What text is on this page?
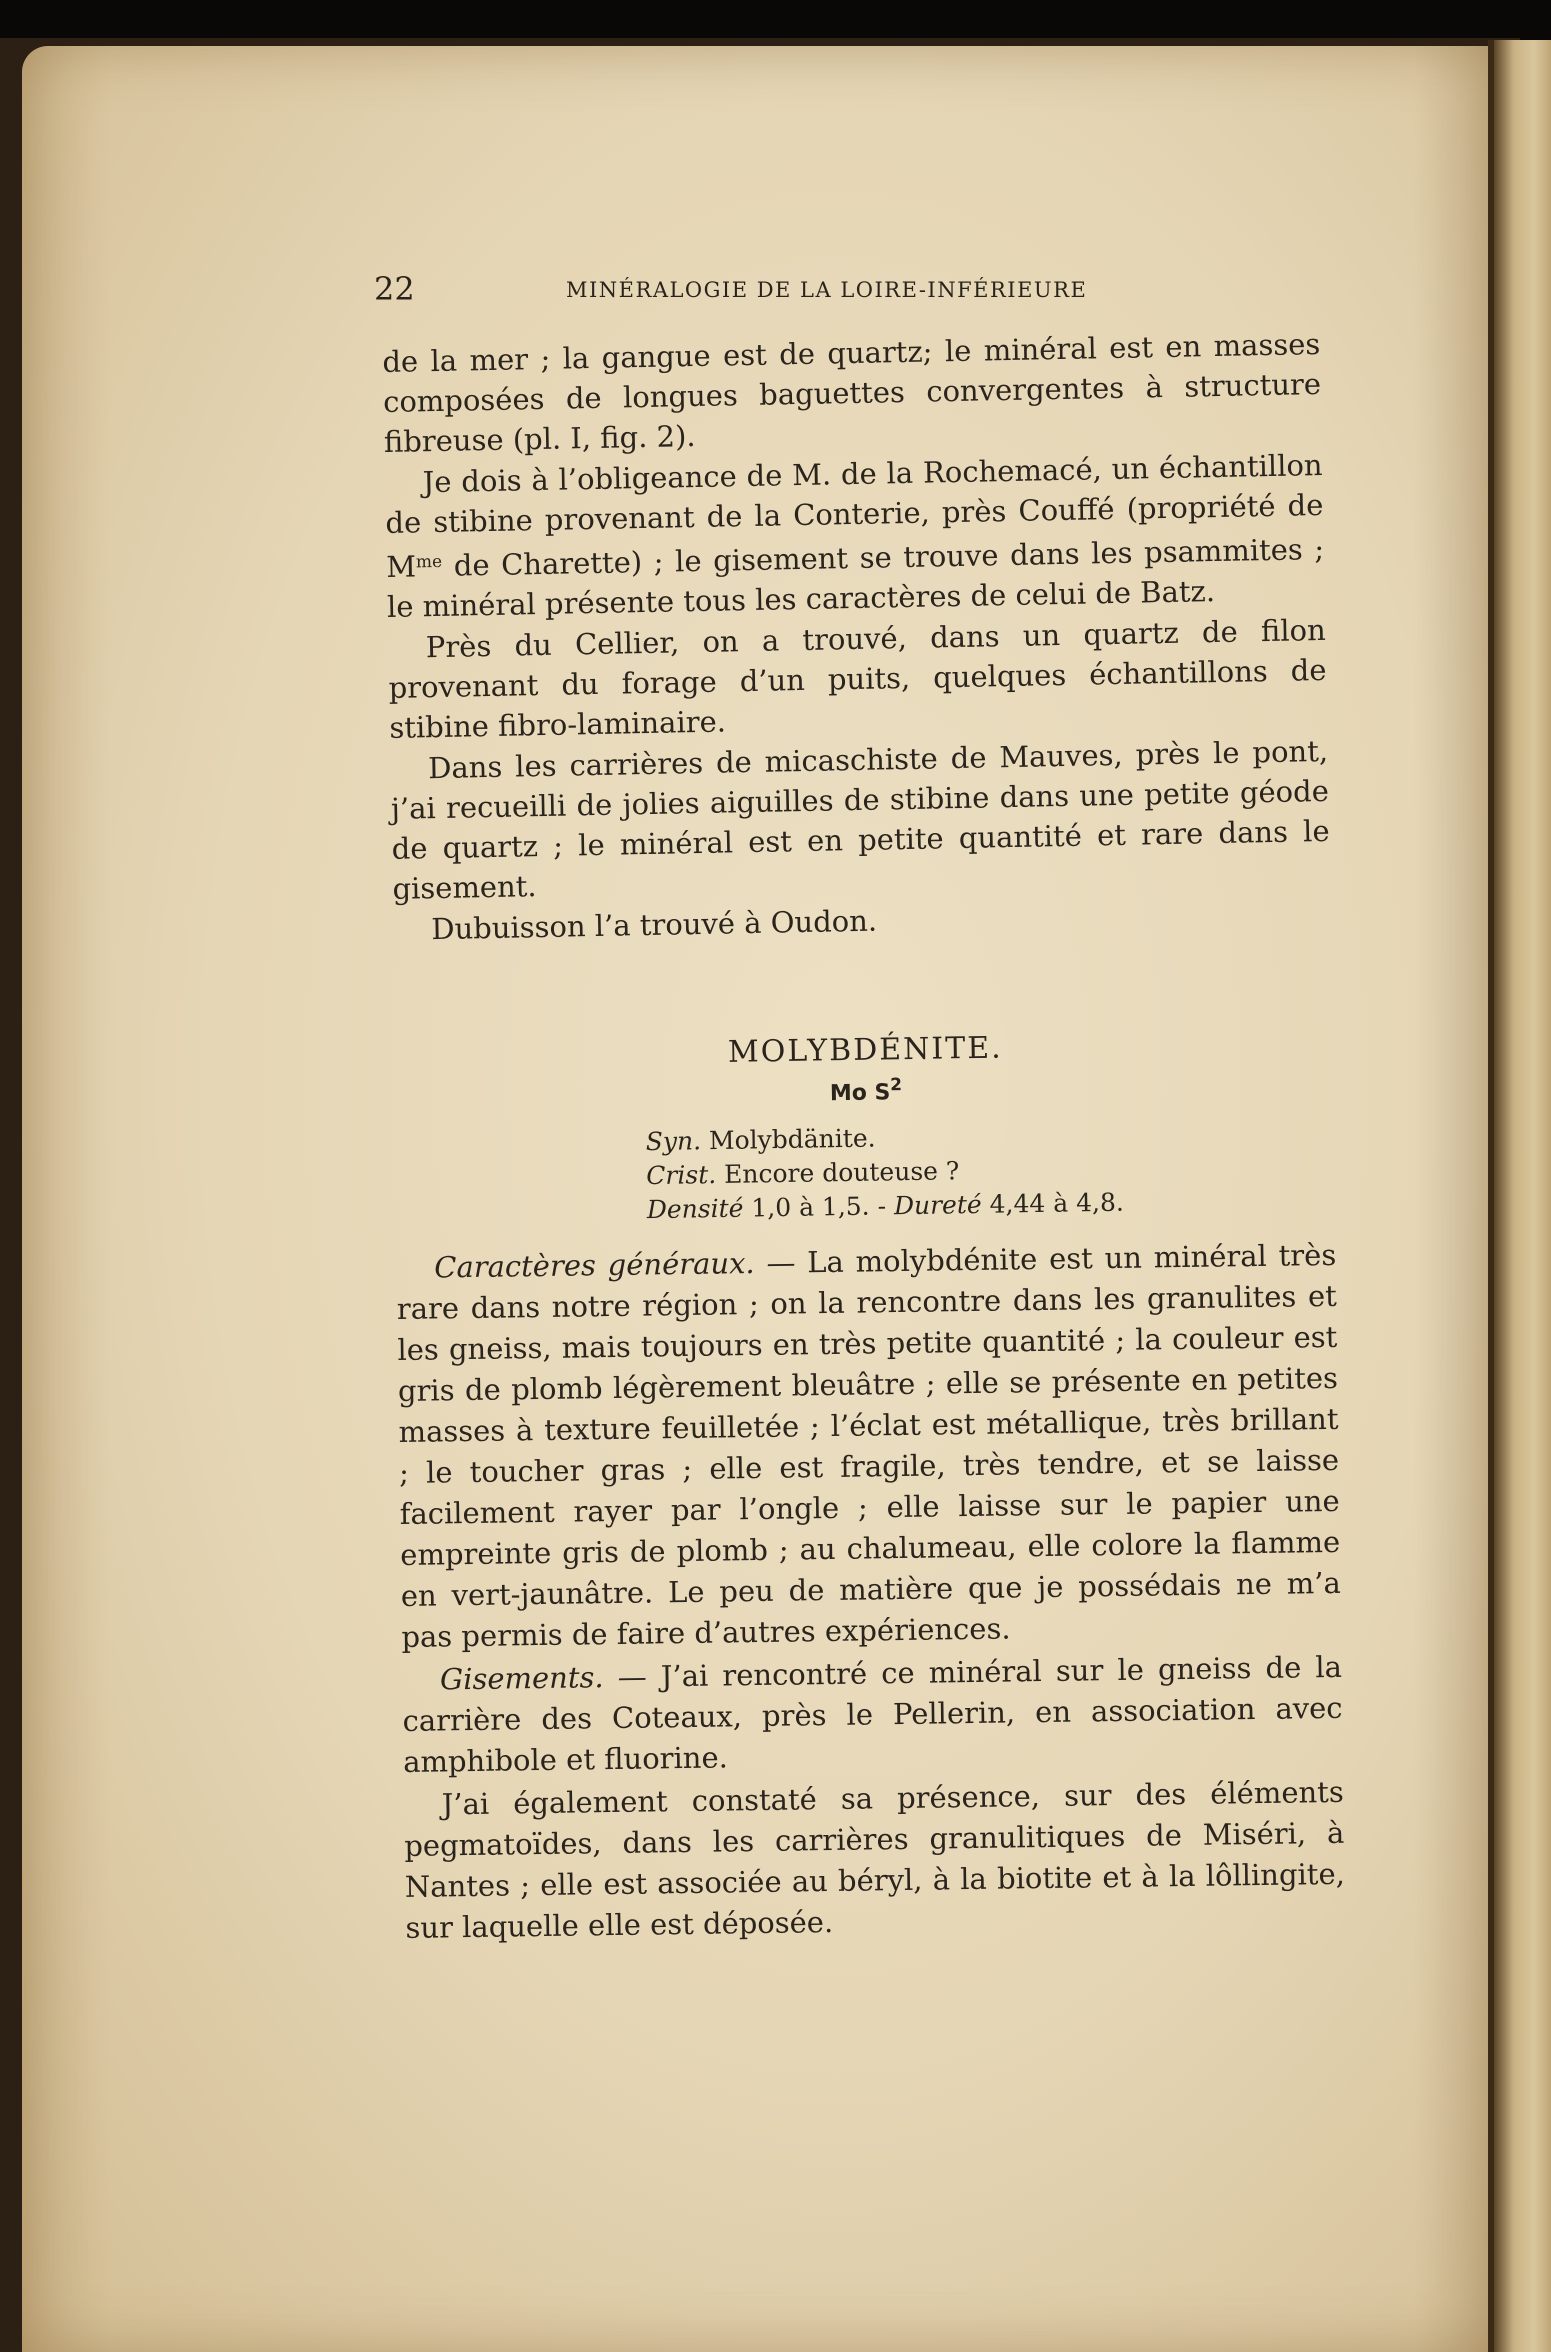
22	MINÉRALOGIE DE LA LOIRE-INFÉRIEURE

de la mer ; la gangue est de quartz; le minéral est en masses composées de longues baguettes convergentes à structure fibreuse (pl. I, fig. 2).

Je dois à l’obligeance de M. de la Rochemacé, un échantillon de stibine provenant de la Conterie, près Couffé (propriété de $M^{me}$ de Charette) ; le gisement se trouve dans les psammites ; le minéral présente tous les caractères de celui de Batz.

Près du Cellier, on a trouvé, dans un quartz de filon provenant du forage d’un puits, quelques échantillons de stibine fibro-laminaire.

Dans les carrières de micaschiste de Mauves, près le pont, j’ai recueilli de jolies aiguilles de stibine dans une petite géode de quartz ; le minéral est en petite quantité et rare dans le gisement.

Dubuisson l’a trouvé à Oudon.

MOLYBDÉNITE.

Mo $S^2$

Syn. Molybdänite.
Crist. Encore douteuse ?
Densité 1,0 à 1,5. - Dureté 4,44 à 4,8.

Caractères généraux. — La molybdénite est un minéral très rare dans notre région ; on la rencontre dans les granulites et les gneiss, mais toujours en très petite quantité ; la couleur est gris de plomb légèrement bleuâtre ; elle se présente en petites masses à texture feuilletée ; l’éclat est métallique, très brillant ; le toucher gras ; elle est fragile, très tendre, et se laisse facilement rayer par l’ongle ; elle laisse sur le papier une empreinte gris de plomb ; au chalumeau, elle colore la flamme en vert-jaunâtre. Le peu de matière que je possédais ne m’a pas permis de faire d’autres expériences.

Gisements. — J’ai rencontré ce minéral sur le gneiss de la carrière des Coteaux, près le Pellerin, en association avec amphibole et fluorine.

J’ai également constaté sa présence, sur des éléments pegmatoïdes, dans les carrières granulitiques de Miséri, à Nantes ; elle est associée au béryl, à la biotite et à la lôllingite, sur laquelle elle est déposée.
